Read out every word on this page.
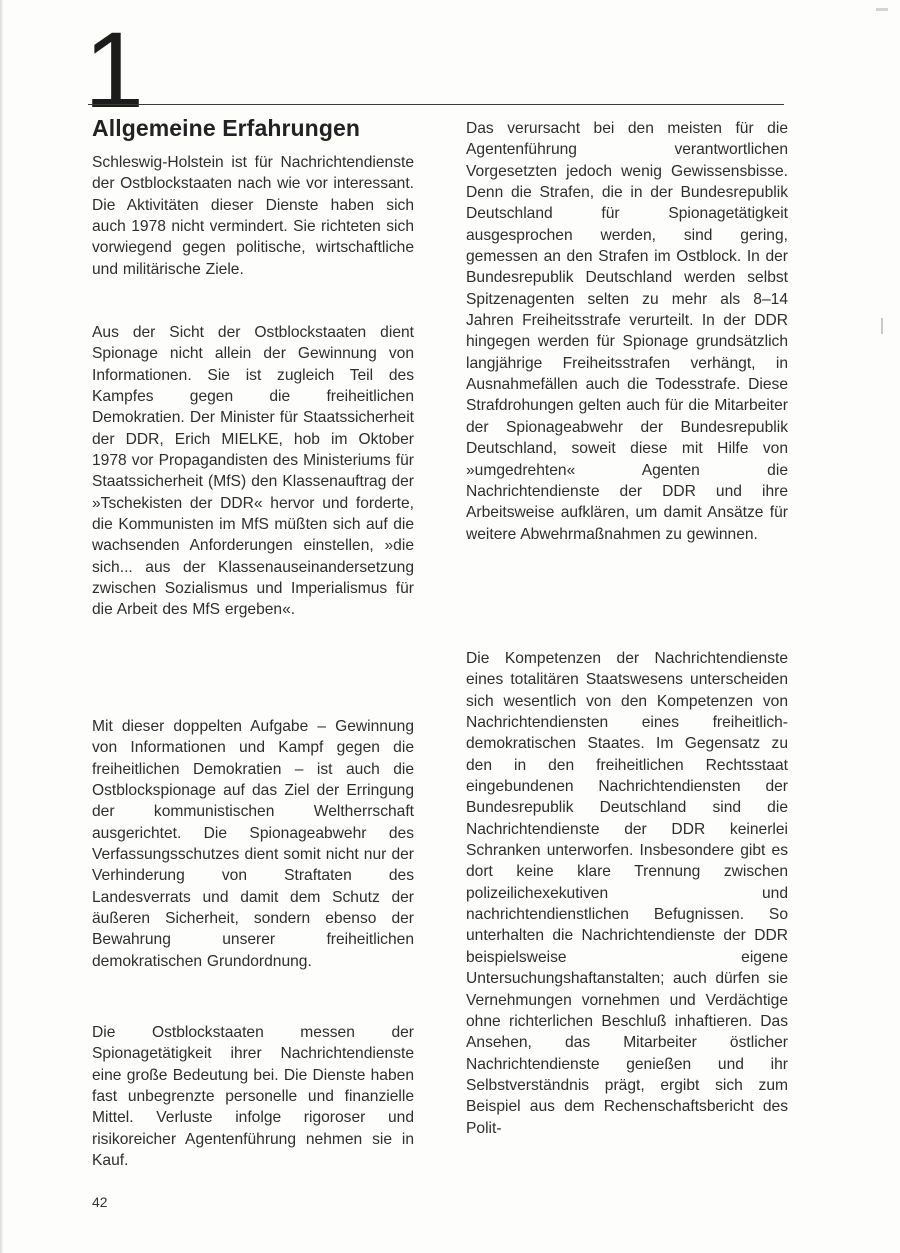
1
Allgemeine Erfahrungen

Schleswig-Holstein ist für Nachrichtendienste der Ostblockstaaten nach wie vor interessant. Die Aktivitäten dieser Dienste haben sich auch 1978 nicht vermindert. Sie richteten sich vorwiegend gegen politische, wirtschaftliche und militärische Ziele.

Aus der Sicht der Ostblockstaaten dient Spionage nicht allein der Gewinnung von Informationen. Sie ist zugleich Teil des Kampfes gegen die freiheitlichen Demokratien. Der Minister für Staatssicherheit der DDR, Erich MIELKE, hob im Oktober 1978 vor Propagandisten des Ministeriums für Staatssicherheit (MfS) den Klassenauftrag der »Tschekisten der DDR« hervor und forderte, die Kommunisten im MfS müßten sich auf die wachsenden Anforderungen einstellen, »die sich... aus der Klassenauseinandersetzung zwischen Sozialismus und Imperialismus für die Arbeit des MfS ergeben«.

Mit dieser doppelten Aufgabe – Gewinnung von Informationen und Kampf gegen die freiheitlichen Demokratien – ist auch die Ostblockspionage auf das Ziel der Erringung der kommunistischen Weltherrschaft ausgerichtet. Die Spionageabwehr des Verfassungsschutzes dient somit nicht nur der Verhinderung von Straftaten des Landesverrats und damit dem Schutz der äußeren Sicherheit, sondern ebenso der Bewahrung unserer freiheitlichen demokratischen Grundordnung.

Die Ostblockstaaten messen der Spionagetätigkeit ihrer Nachrichtendienste eine große Bedeutung bei. Die Dienste haben fast unbegrenzte personelle und finanzielle Mittel. Verluste infolge rigoroser und risikoreicher Agentenführung nehmen sie in Kauf.

Das verursacht bei den meisten für die Agentenführung verantwortlichen Vorgesetzten jedoch wenig Gewissensbisse. Denn die Strafen, die in der Bundesrepublik Deutschland für Spionagetätigkeit ausgesprochen werden, sind gering, gemessen an den Strafen im Ostblock. In der Bundesrepublik Deutschland werden selbst Spitzenagenten selten zu mehr als 8–14 Jahren Freiheitsstrafe verurteilt. In der DDR hingegen werden für Spionage grundsätzlich langjährige Freiheitsstrafen verhängt, in Ausnahmefällen auch die Todesstrafe. Diese Strafdrohungen gelten auch für die Mitarbeiter der Spionageabwehr der Bundesrepublik Deutschland, soweit diese mit Hilfe von »umgedrehten« Agenten die Nachrichtendienste der DDR und ihre Arbeitsweise aufklären, um damit Ansätze für weitere Abwehrmaßnahmen zu gewinnen.

Die Kompetenzen der Nachrichtendienste eines totalitären Staatswesens unterscheiden sich wesentlich von den Kompetenzen von Nachrichtendiensten eines freiheitlich-demokratischen Staates. Im Gegensatz zu den in den freiheitlichen Rechtsstaat eingebundenen Nachrichtendiensten der Bundesrepublik Deutschland sind die Nachrichtendienste der DDR keinerlei Schranken unterworfen. Insbesondere gibt es dort keine klare Trennung zwischen polizeilichexekutiven und nachrichtendienstlichen Befugnissen. So unterhalten die Nachrichtendienste der DDR beispielsweise eigene Untersuchungshaftanstalten; auch dürfen sie Vernehmungen vornehmen und Verdächtige ohne richterlichen Beschluß inhaftieren. Das Ansehen, das Mitarbeiter östlicher Nachrichtendienste genießen und ihr Selbstverständnis prägt, ergibt sich zum Beispiel aus dem Rechenschaftsbericht des Polit-

42
